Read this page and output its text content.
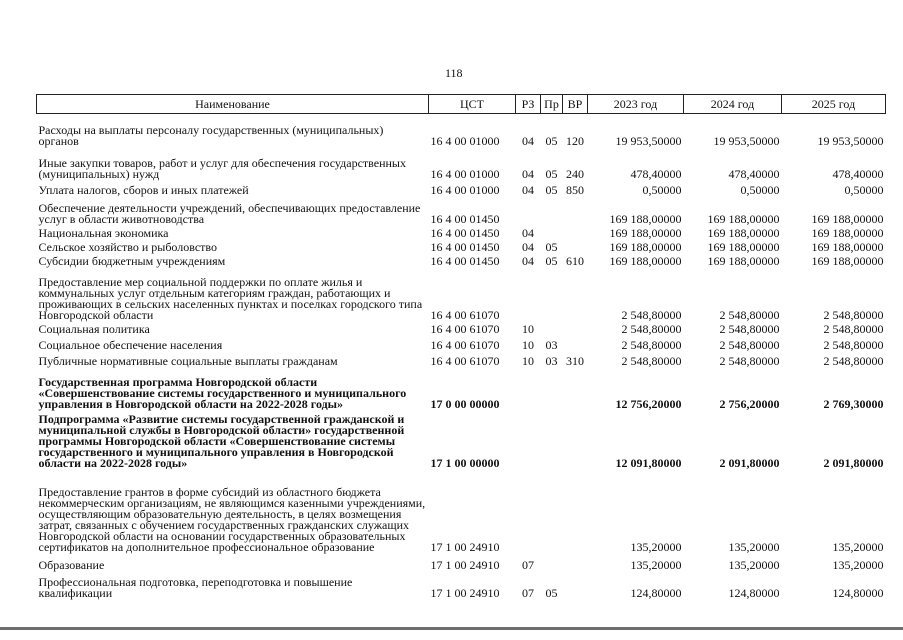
118
Наименование	ЦСТ	РЗ	Пр	ВР	2023 год	2024 год	2025 год
Расходы на выплаты персоналу государственных (муниципальных) органов	16 4 00 01000	04	05	120	19 953,50000	19 953,50000	19 953,50000
Иные закупки товаров, работ и услуг для обеспечения государственных (муниципальных) нужд	16 4 00 01000	04	05	240	478,40000	478,40000	478,40000
Уплата налогов, сборов и иных платежей	16 4 00 01000	04	05	850	0,50000	0,50000	0,50000
Обеспечение деятельности учреждений, обеспечивающих предоставление услуг в области животноводства	16 4 00 01450				169 188,00000	169 188,00000	169 188,00000
Национальная экономика	16 4 00 01450	04			169 188,00000	169 188,00000	169 188,00000
Сельское хозяйство и рыболовство	16 4 00 01450	04	05		169 188,00000	169 188,00000	169 188,00000
Субсидии бюджетным учреждениям	16 4 00 01450	04	05	610	169 188,00000	169 188,00000	169 188,00000
Предоставление мер социальной поддержки по оплате жилья и коммунальных услуг отдельным категориям граждан, работающих и проживающих в сельских населенных пунктах и поселках городского типа Новгородской области	16 4 00 61070				2 548,80000	2 548,80000	2 548,80000
Социальная политика	16 4 00 61070	10			2 548,80000	2 548,80000	2 548,80000
Социальное обеспечение населения	16 4 00 61070	10	03		2 548,80000	2 548,80000	2 548,80000
Публичные нормативные социальные выплаты гражданам	16 4 00 61070	10	03	310	2 548,80000	2 548,80000	2 548,80000
Государственная программа Новгородской области «Совершенствование системы государственного и муниципального управления в Новгородской области на 2022-2028 годы»	17 0 00 00000				12 756,20000	2 756,20000	2 769,30000
Подпрограмма «Развитие системы государственной гражданской и муниципальной службы в Новгородской области» государственной программы Новгородской области «Совершенствование системы государственного и муниципального управления в Новгородской области на 2022-2028 годы»	17 1 00 00000				12 091,80000	2 091,80000	2 091,80000
Предоставление грантов в форме субсидий из областного бюджета некоммерческим организациям, не являющимся казенными учреждениями, осуществляющим образовательную деятельность, в целях возмещения затрат, связанных с обучением государственных гражданских служащих Новгородской области на основании государственных образовательных сертификатов на дополнительное профессиональное образование	17 1 00 24910				135,20000	135,20000	135,20000
Образование	17 1 00 24910	07			135,20000	135,20000	135,20000
Профессиональная подготовка, переподготовка и повышение квалификации	17 1 00 24910	07	05		124,80000	124,80000	124,80000
